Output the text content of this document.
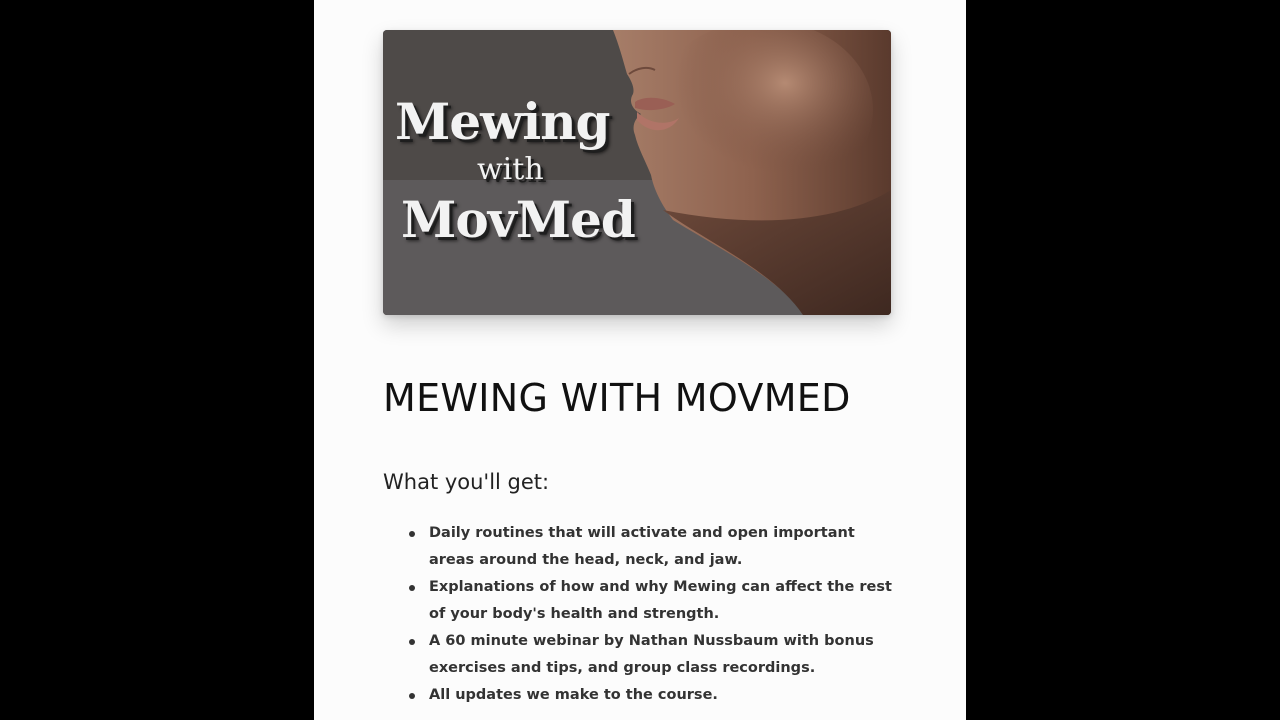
Mewing
with
MovMed
MEWING WITH MOVMED
What you'll get:
Daily routines that will activate and open important areas around the head, neck, and jaw.
Explanations of how and why Mewing can affect the rest of your body's health and strength.
A 60 minute webinar by Nathan Nussbaum with bonus exercises and tips, and group class recordings.
All updates we make to the course.
